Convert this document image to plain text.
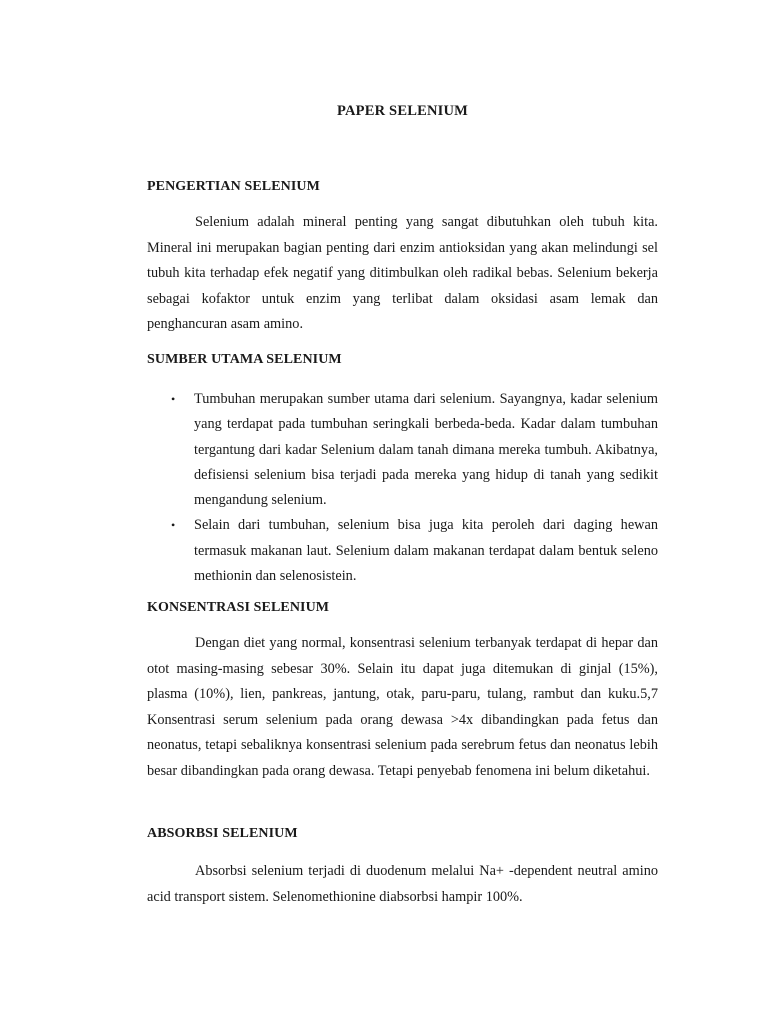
PAPER SELENIUM
PENGERTIAN SELENIUM

Selenium adalah mineral penting yang sangat dibutuhkan oleh tubuh kita. Mineral ini merupakan bagian penting dari enzim antioksidan yang akan melindungi sel tubuh kita terhadap efek negatif yang ditimbulkan oleh radikal bebas. Selenium bekerja sebagai kofaktor untuk enzim yang terlibat dalam oksidasi asam lemak dan penghancuran asam amino.

SUMBER UTAMA SELENIUM
• Tumbuhan merupakan sumber utama dari selenium. Sayangnya, kadar selenium yang terdapat pada tumbuhan seringkali berbeda-beda. Kadar dalam tumbuhan tergantung dari kadar Selenium dalam tanah dimana mereka tumbuh. Akibatnya, defisiensi selenium bisa terjadi pada mereka yang hidup di tanah yang sedikit mengandung selenium.
• Selain dari tumbuhan, selenium bisa juga kita peroleh dari daging hewan termasuk makanan laut. Selenium dalam makanan terdapat dalam bentuk seleno methionin dan selenosistein.
KONSENTRASI SELENIUM

Dengan diet yang normal, konsentrasi selenium terbanyak terdapat di hepar dan otot masing-masing sebesar 30%. Selain itu dapat juga ditemukan di ginjal (15%), plasma (10%), lien, pankreas, jantung, otak, paru-paru, tulang, rambut dan kuku.5,7 Konsentrasi serum selenium pada orang dewasa >4x dibandingkan pada fetus dan neonatus, tetapi sebaliknya konsentrasi selenium pada serebrum fetus dan neonatus lebih besar dibandingkan pada orang dewasa. Tetapi penyebab fenomena ini belum diketahui.

ABSORBSI SELENIUM

Absorbsi selenium terjadi di duodenum melalui Na+ -dependent neutral amino acid transport sistem. Selenomethionine diabsorbsi hampir 100%.
